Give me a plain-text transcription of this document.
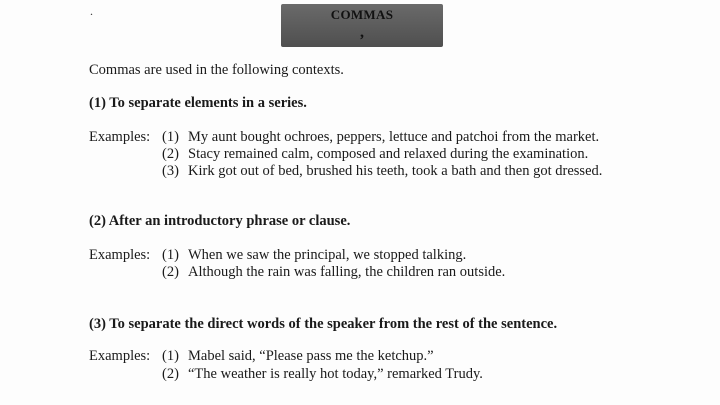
.	COMMAS
,
Commas are used in the following contexts.
(1) To separate elements in a series.
Examples: (1) My aunt bought ochroes, peppers, lettuce and patchoi from the market.
(2) Stacy remained calm, composed and relaxed during the examination.
(3) Kirk got out of bed, brushed his teeth, took a bath and then got dressed.
(2) After an introductory phrase or clause.
Examples: (1) When we saw the principal, we stopped talking.
(2) Although the rain was falling, the children ran outside.
(3) To separate the direct words of the speaker from the rest of the sentence.
Examples: (1) Mabel said, “Please pass me the ketchup.”
(2) “The weather is really hot today,” remarked Trudy.
